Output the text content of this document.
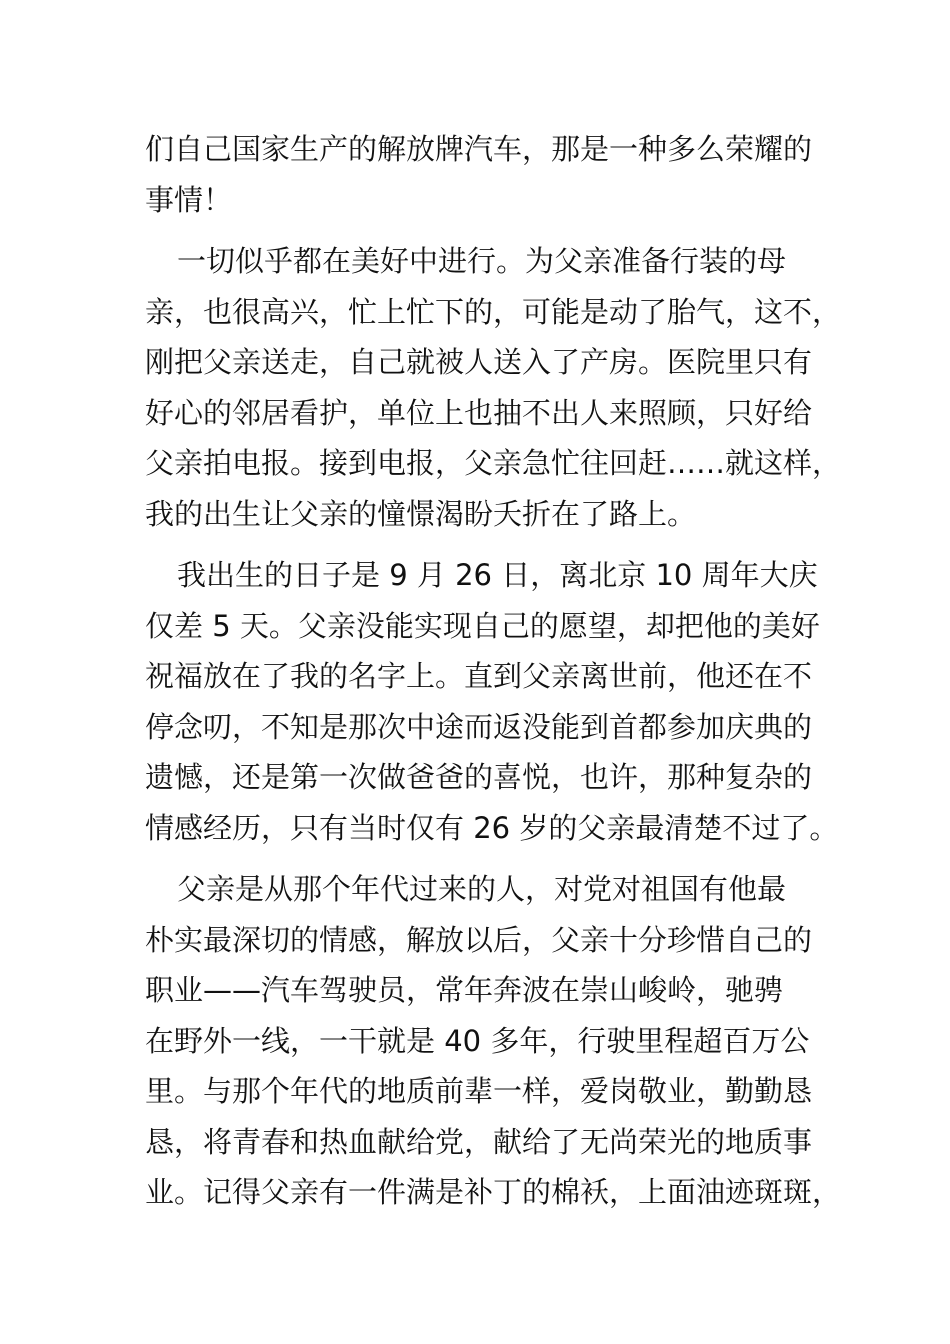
们自己国家生产的解放牌汽车，那是一种多么荣耀的
事情！
一切似乎都在美好中进行。为父亲准备行装的母
亲，也很高兴，忙上忙下的，可能是动了胎气，这不，
刚把父亲送走，自己就被人送入了产房。医院里只有
好心的邻居看护，单位上也抽不出人来照顾，只好给
父亲拍电报。接到电报，父亲急忙往回赶……就这样，
我的出生让父亲的憧憬渴盼夭折在了路上。
我出生的日子是 9 月 26 日，离北京 10 周年大庆
仅差 5 天。父亲没能实现自己的愿望，却把他的美好
祝福放在了我的名字上。直到父亲离世前，他还在不
停念叨，不知是那次中途而返没能到首都参加庆典的
遗憾，还是第一次做爸爸的喜悦，也许，那种复杂的
情感经历，只有当时仅有 26 岁的父亲最清楚不过了。
父亲是从那个年代过来的人，对党对祖国有他最
朴实最深切的情感，解放以后，父亲十分珍惜自己的
职业——汽车驾驶员，常年奔波在崇山峻岭，驰骋
在野外一线，一干就是 40 多年，行驶里程超百万公
里。与那个年代的地质前辈一样，爱岗敬业，勤勤恳
恳，将青春和热血献给党，献给了无尚荣光的地质事
业。记得父亲有一件满是补丁的棉袄，上面油迹斑斑，
